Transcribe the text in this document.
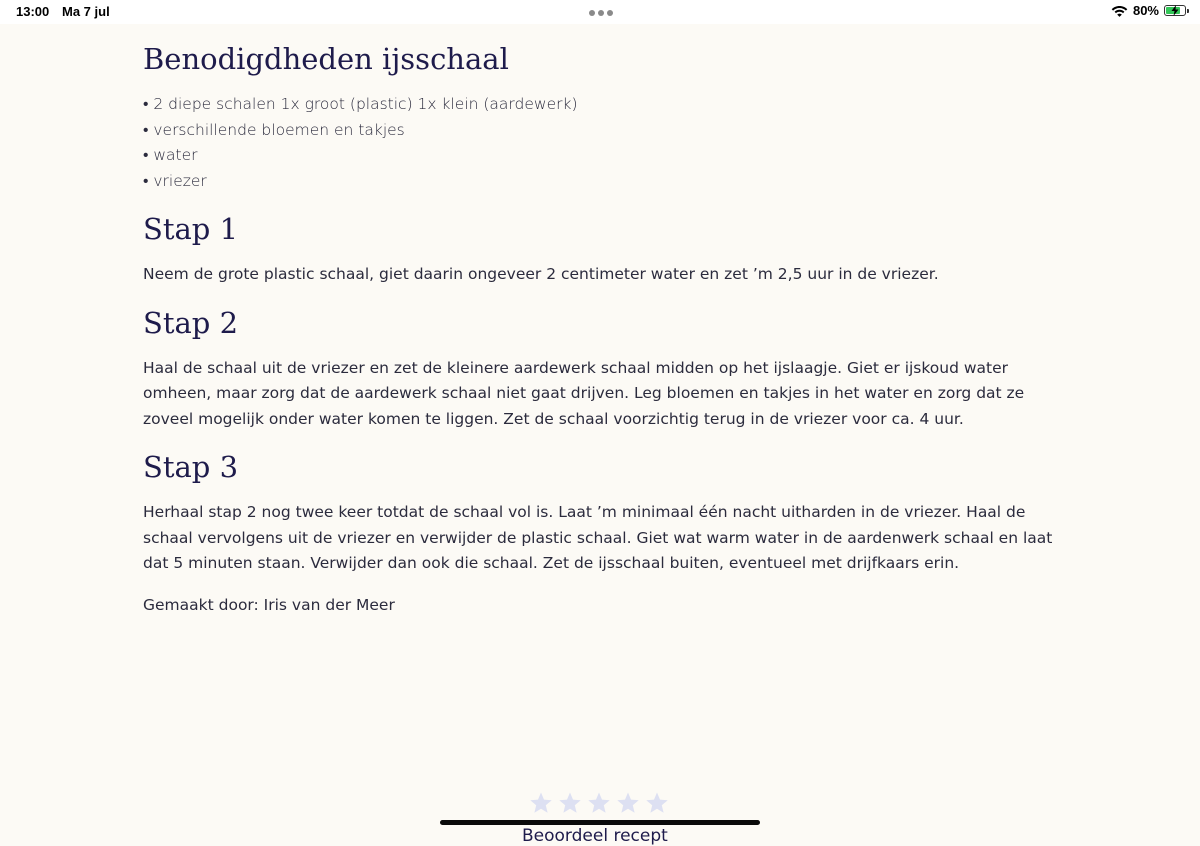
13:00 Ma 7 jul	80%
Benodigdheden ijsschaal
• 2 diepe schalen 1x groot (plastic) 1x klein (aardewerk)
• verschillende bloemen en takjes
• water
• vriezer
Stap 1

Neem de grote plastic schaal, giet daarin ongeveer 2 centimeter water en zet ’m 2,5 uur in de vriezer.

Stap 2

Haal de schaal uit de vriezer en zet de kleinere aardewerk schaal midden op het ijslaagje. Giet er ijskoud water omheen, maar zorg dat de aardewerk schaal niet gaat drijven. Leg bloemen en takjes in het water en zorg dat ze zoveel mogelijk onder water komen te liggen. Zet de schaal voorzichtig terug in de vriezer voor ca. 4 uur.

Stap 3

Herhaal stap 2 nog twee keer totdat de schaal vol is. Laat ’m minimaal één nacht uitharden in de vriezer. Haal de schaal vervolgens uit de vriezer en verwijder de plastic schaal. Giet wat warm water in de aardenwerk schaal en laat dat 5 minuten staan. Verwijder dan ook die schaal. Zet de ijsschaal buiten, eventueel met drijfkaars erin.

Gemaakt door: Iris van der Meer

Beoordeel recept
